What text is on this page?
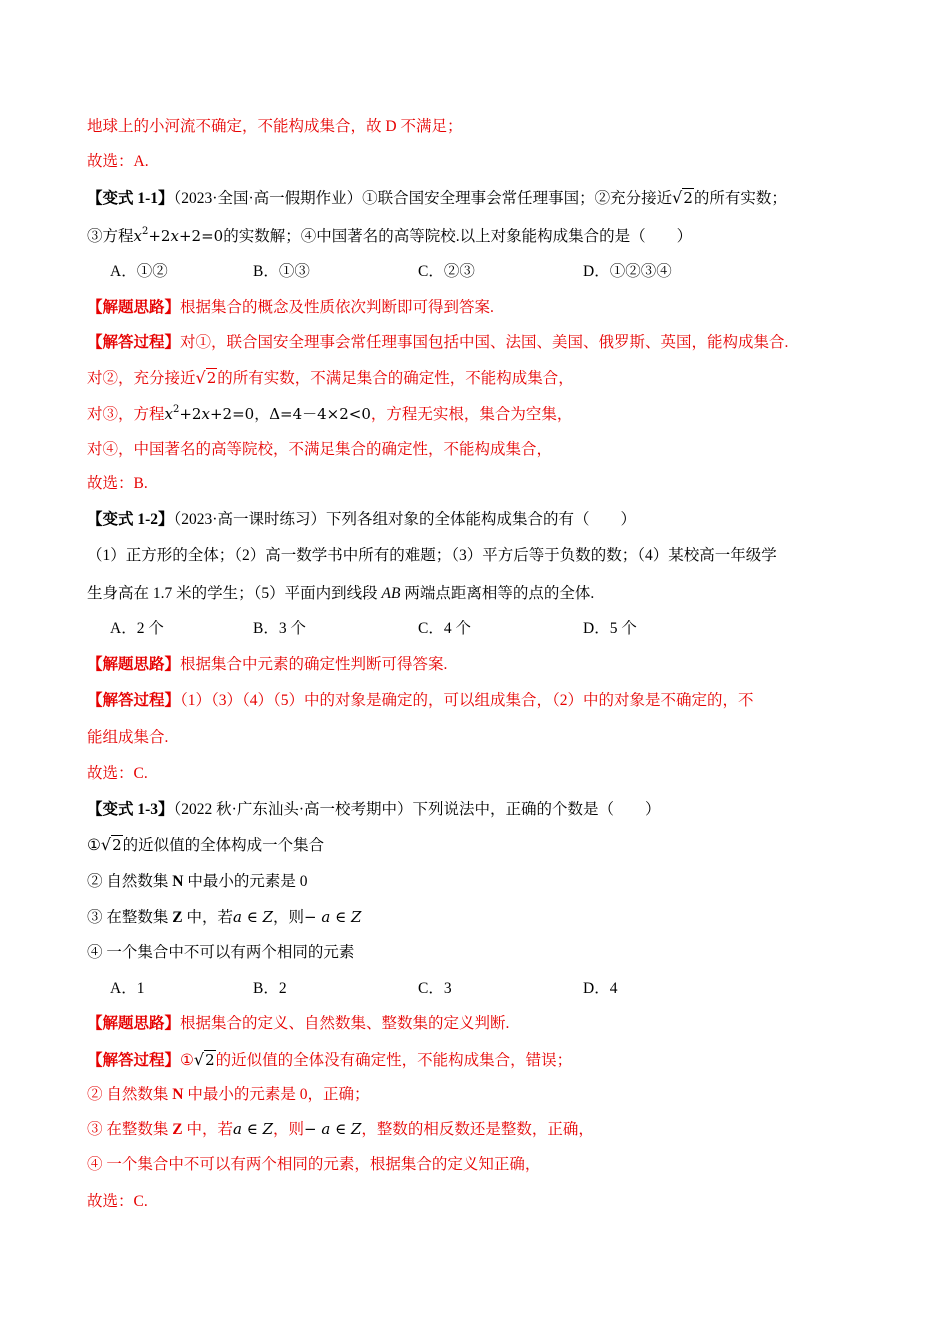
地球上的小河流不确定，不能构成集合，故 D 不满足；
故选：A.
【变式 1-1】（2023·全国·高一假期作业）①联合国安全理事会常任理事国；②充分接近√2的所有实数；
③方程$x^2+2x+2=0$的实数解；④中国著名的高等院校.以上对象能构成集合的是（　　）
A．①②	B．①③	C．②③	D．①②③④
【解题思路】根据集合的概念及性质依次判断即可得到答案.
【解答过程】对①，联合国安全理事会常任理事国包括中国、法国、美国、俄罗斯、英国，能构成集合.
对②，充分接近√2的所有实数，不满足集合的确定性，不能构成集合，
对③，方程$x^2+2x+2=0$，Δ=4－4×2<0，方程无实根，集合为空集，
对④，中国著名的高等院校，不满足集合的确定性，不能构成集合，
故选：B.
【变式 1-2】（2023·高一课时练习）下列各组对象的全体能构成集合的有（　　）
（1）正方形的全体；（2）高一数学书中所有的难题；（3）平方后等于负数的数；（4）某校高一年级学
生身高在 1.7 米的学生；（5）平面内到线段 AB 两端点距离相等的点的全体.
A．2 个	B．3 个	C．4 个	D．5 个
【解题思路】根据集合中元素的确定性判断可得答案.
【解答过程】（1）（3）（4）（5）中的对象是确定的，可以组成集合，（2）中的对象是不确定的，不
能组成集合.
故选：C.
【变式 1-3】（2022 秋·广东汕头·高一校考期中）下列说法中，正确的个数是（　　）
①√2的近似值的全体构成一个集合
② 自然数集 N 中最小的元素是 0
③ 在整数集 Z 中，若a ∈ Z，则− a ∈ Z
④ 一个集合中不可以有两个相同的元素
A．1	B．2	C．3	D．4
【解题思路】根据集合的定义、自然数集、整数集的定义判断.
【解答过程】①√2的近似值的全体没有确定性，不能构成集合，错误；
② 自然数集 N 中最小的元素是 0，正确；
③ 在整数集 Z 中，若a ∈ Z，则− a ∈ Z，整数的相反数还是整数，正确，
④ 一个集合中不可以有两个相同的元素，根据集合的定义知正确，
故选：C.
